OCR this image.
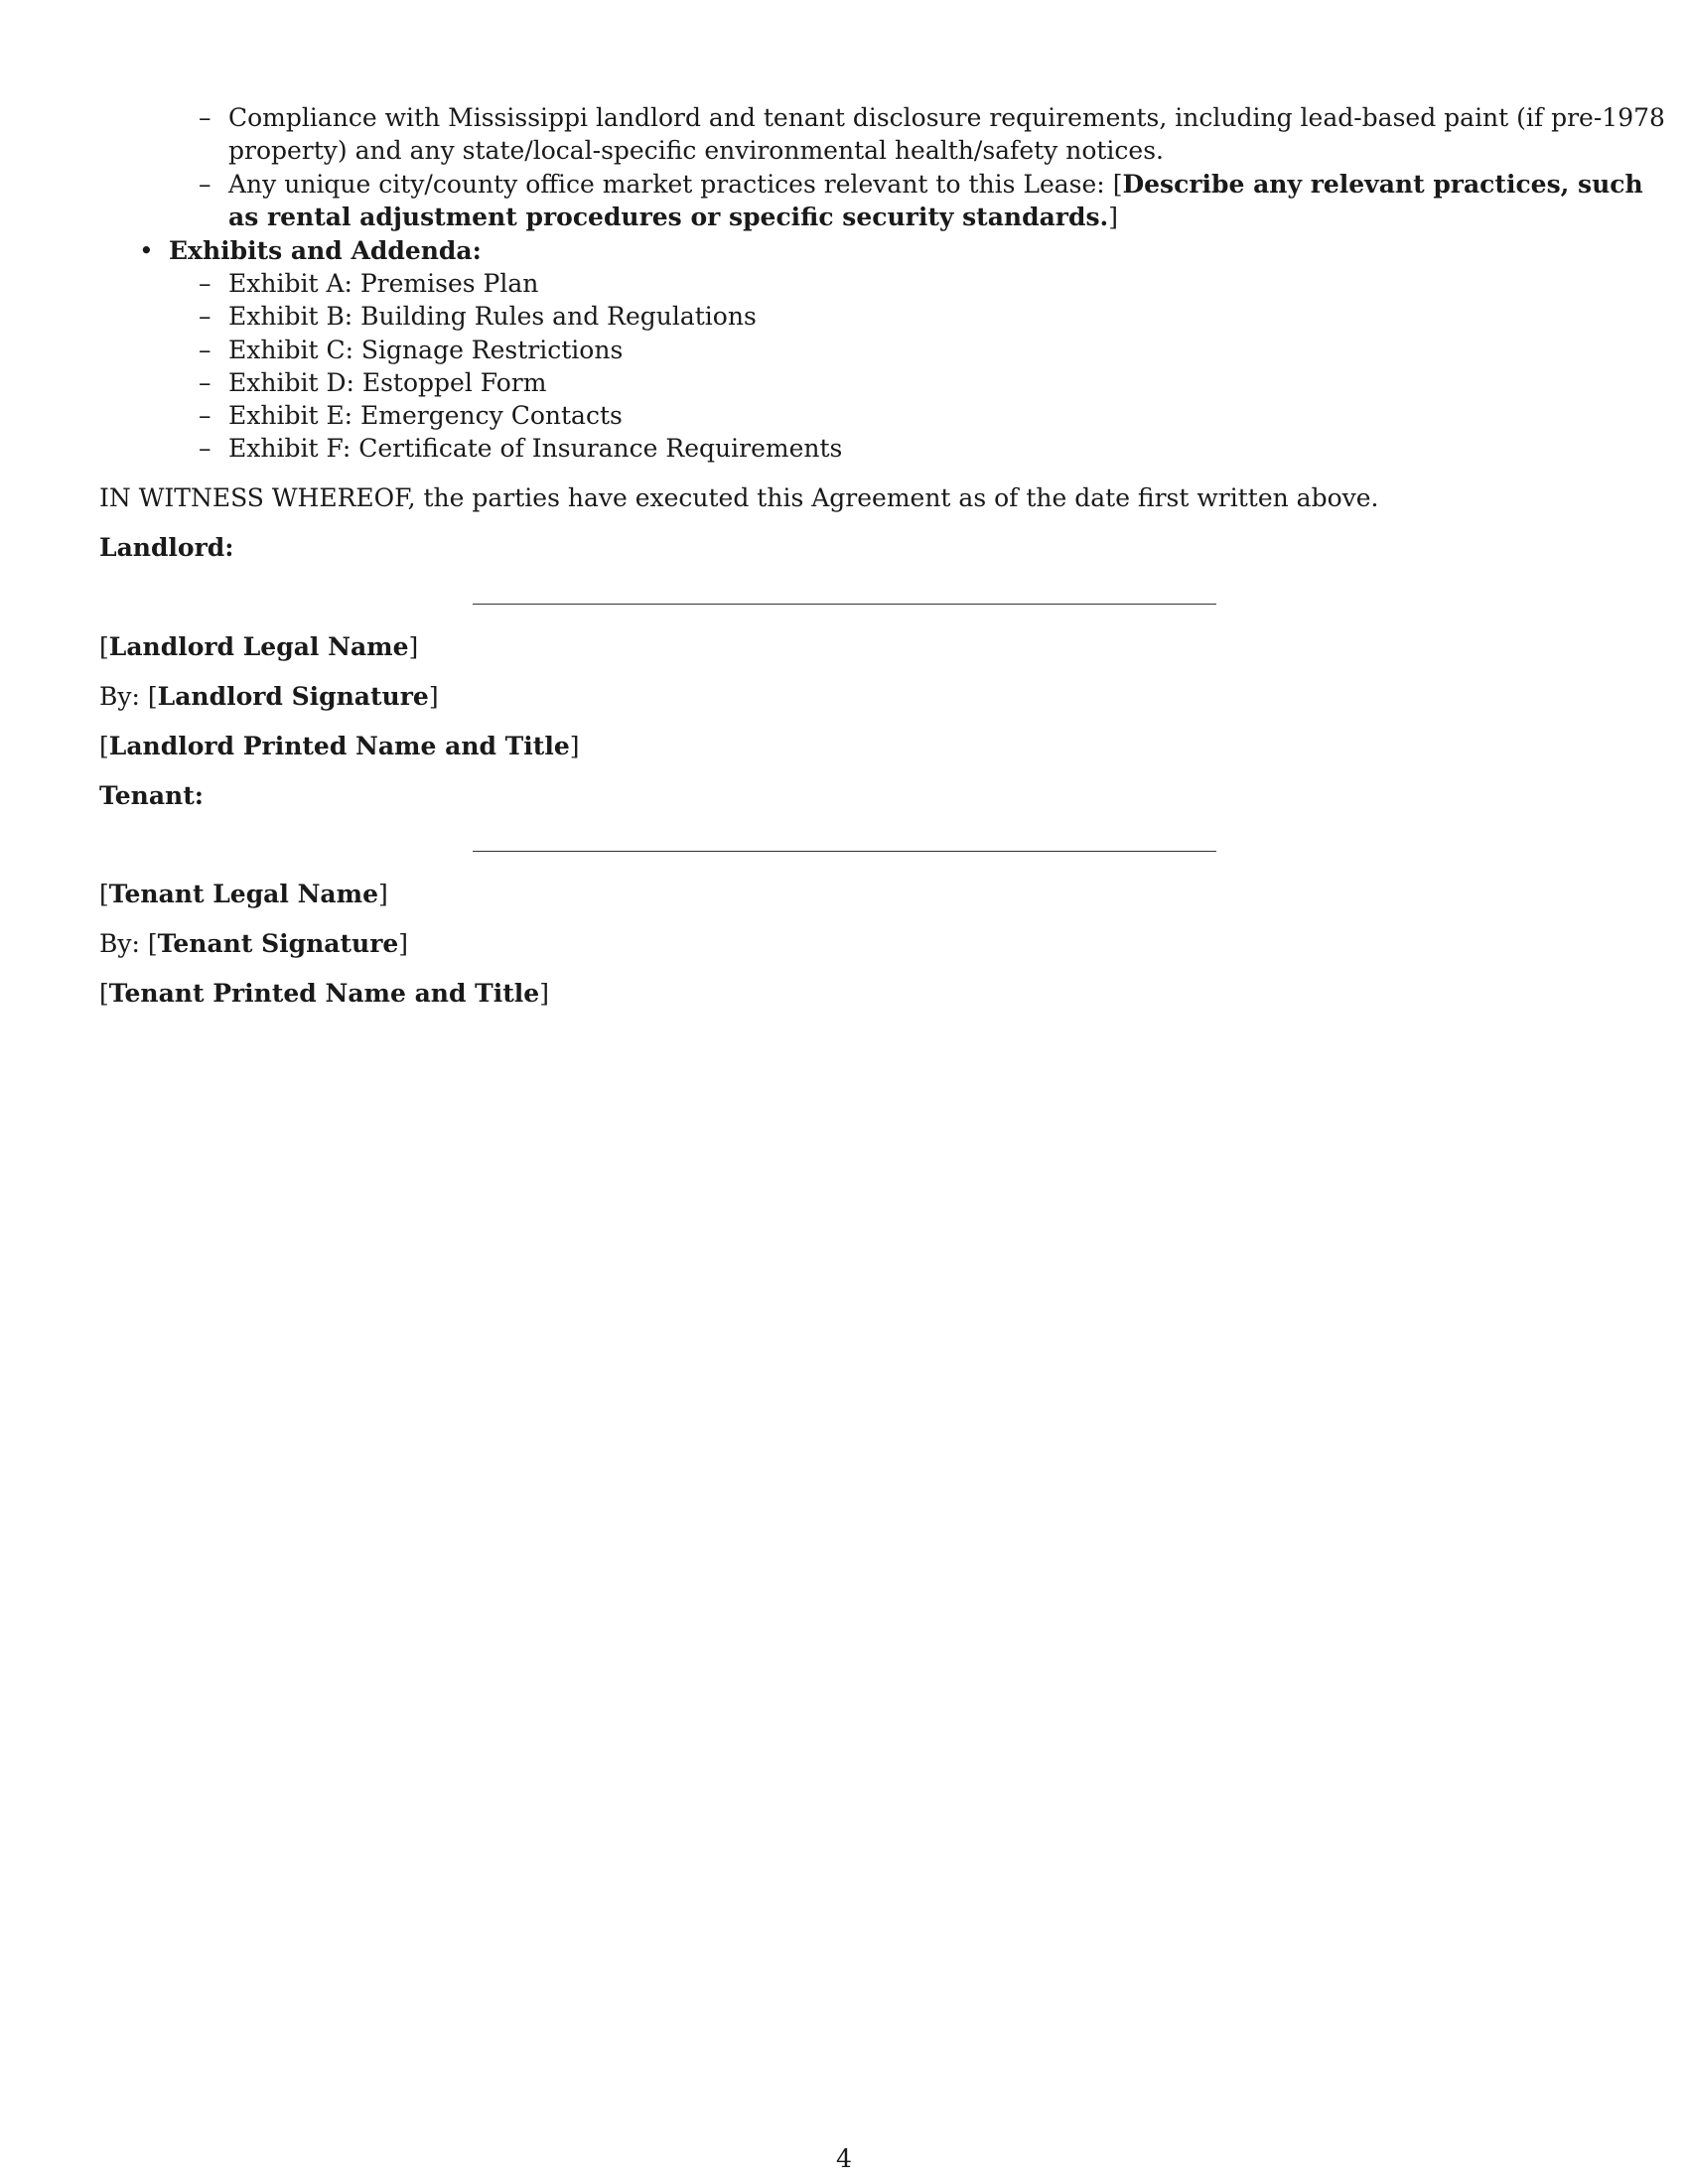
– Compliance with Mississippi landlord and tenant disclosure requirements, including lead-based paint (if pre-1978
property) and any state/local-specific environmental health/safety notices.
– Any unique city/county office market practices relevant to this Lease: [Describe any relevant practices, such
as rental adjustment procedures or specific security standards.]
• Exhibits and Addenda:
– Exhibit A: Premises Plan
– Exhibit B: Building Rules and Regulations
– Exhibit C: Signage Restrictions
– Exhibit D: Estoppel Form
– Exhibit E: Emergency Contacts
– Exhibit F: Certificate of Insurance Requirements
IN WITNESS WHEREOF, the parties have executed this Agreement as of the date first written above.
Landlord:
[Landlord Legal Name]
By: [Landlord Signature]
[Landlord Printed Name and Title]
Tenant:
[Tenant Legal Name]
By: [Tenant Signature]
[Tenant Printed Name and Title]
4
